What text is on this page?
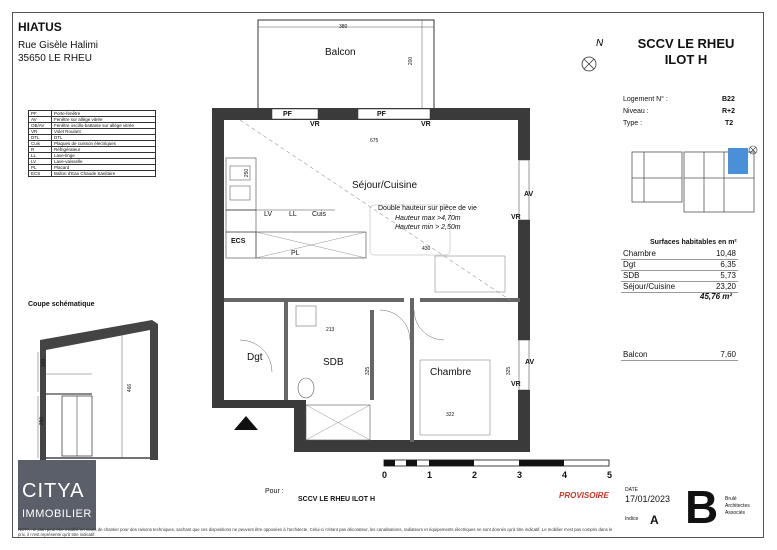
HIATUS
Rue Gisèle Halimi
35650 LE RHEU
PF	Porte-fenêtre
AV	Fenêtre sur allège vitrée
OB/AV	Fenêtre oscillo-battante sur allège vitrée
VR	Volet Roulant
DTL	DTL
Cuis	Plaques de cuisson électriques
R	Réfrigérateur
LL	Lave-linge
LV	Lave-vaisselle
PL	Placard
ECS	Ballon d'Eau Chaude Sanitaire
Coupe schématique
169
466
250
Balcon
380
200
PF
VR
PF
VR
675
Séjour/Cuisine
Double hauteur sur pièce de vie
Hauteur max >4,70m
Hauteur min > 2,50m
250
430
LV LL Cuis
ECS
PL
AV
VR
Dgt
213
SDB
325	Chambre
322
325
AV
VR
0	1	2	3	4	5
N	SCCV LE RHEU
ILOT H
Logement N° :	B22
Niveau :	R+2
Type :	T2
Surfaces habitables en m²
Chambre	10,48
Dgt	6,35
SDB	5,73
Séjour/Cuisine	23,20
45,76 m²
Balcon	7,60
CITYA
IMMOBILIER
Pour :
SCCV LE RHEU ILOT H	PROVISOIRE
DATE
17/01/2023
Indice A B Brulé
Architectes
Associés
NOTA : le plan peut être modifié en cours de chantier pour des raisons techniques, sachant que ces dispositions ne peuvent être opposées à l'architecte. Celui-ci n'étant pas décorateur, les canalisations, radiateurs et équipements électriques ne sont donnés qu'à titre indicatif. Le mobilier n'est pas compris dans le prix, il n'est représenté qu'à titre indicatif.
